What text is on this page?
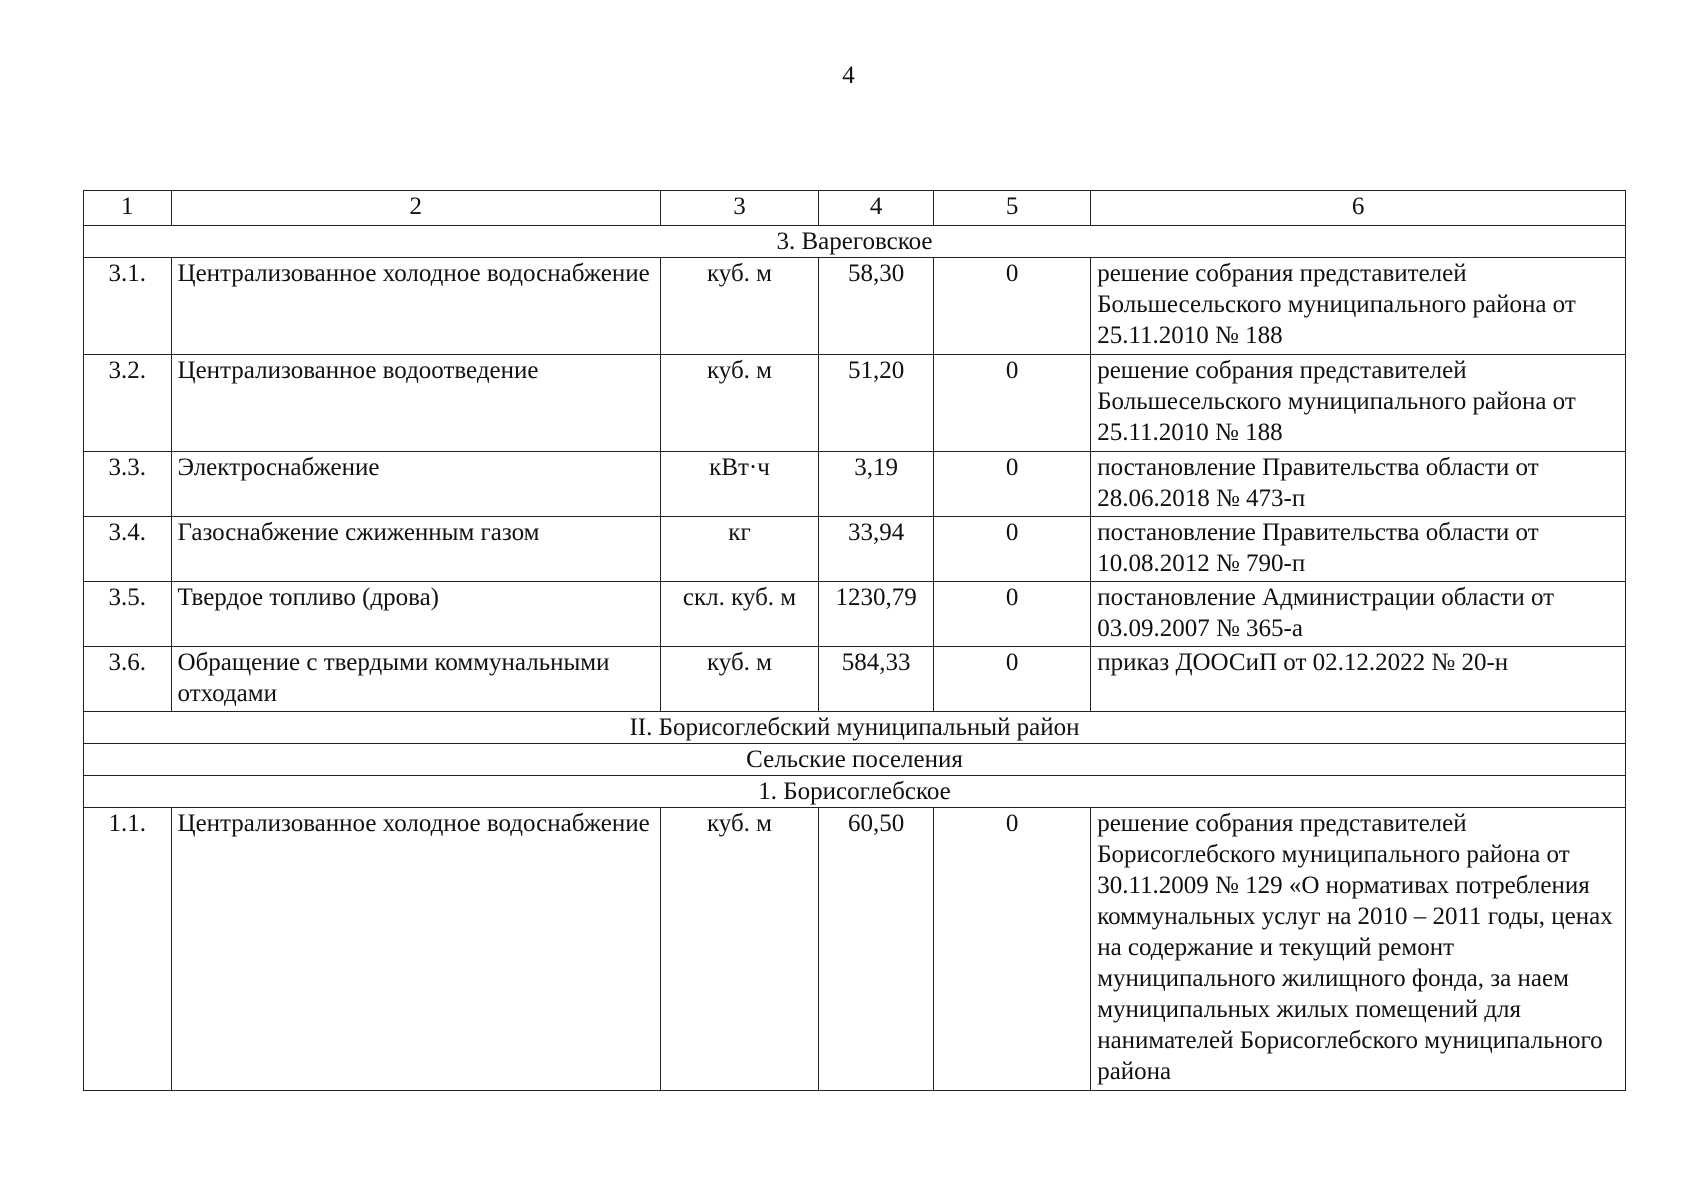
4
1	2	3	4	5	6
3. Вареговское					
3.1.	Централизованное холодное водоснабжение	куб. м	58,30	0	решение собрания представителей Большесельского муниципального района от 25.11.2010 № 188
3.2.	Централизованное водоотведение	куб. м	51,20	0	решение собрания представителей Большесельского муниципального района от 25.11.2010 № 188
3.3.	Электроснабжение	кВт·ч	3,19	0	постановление Правительства области от 28.06.2018 № 473-п
3.4.	Газоснабжение сжиженным газом	кг	33,94	0	постановление Правительства области от 10.08.2012 № 790-п
3.5.	Твердое топливо (дрова)	скл. куб. м	1230,79	0	постановление Администрации области от 03.09.2007 № 365-а
3.6.	Обращение с твердыми коммунальными отходами	куб. м	584,33	0	приказ ДООСиП от 02.12.2022 № 20-н
II. Борисоглебский муниципальный район					
Сельские поселения					
1. Борисоглебское					
1.1.	Централизованное холодное водоснабжение	куб. м	60,50	0	решение собрания представителей Борисоглебского муниципального района от 30.11.2009 № 129 «О нормативах потребления коммунальных услуг на 2010 – 2011 годы, ценах на содержание и текущий ремонт муниципального жилищного фонда, за наем муниципальных жилых помещений для нанимателей Борисоглебского муниципального района
